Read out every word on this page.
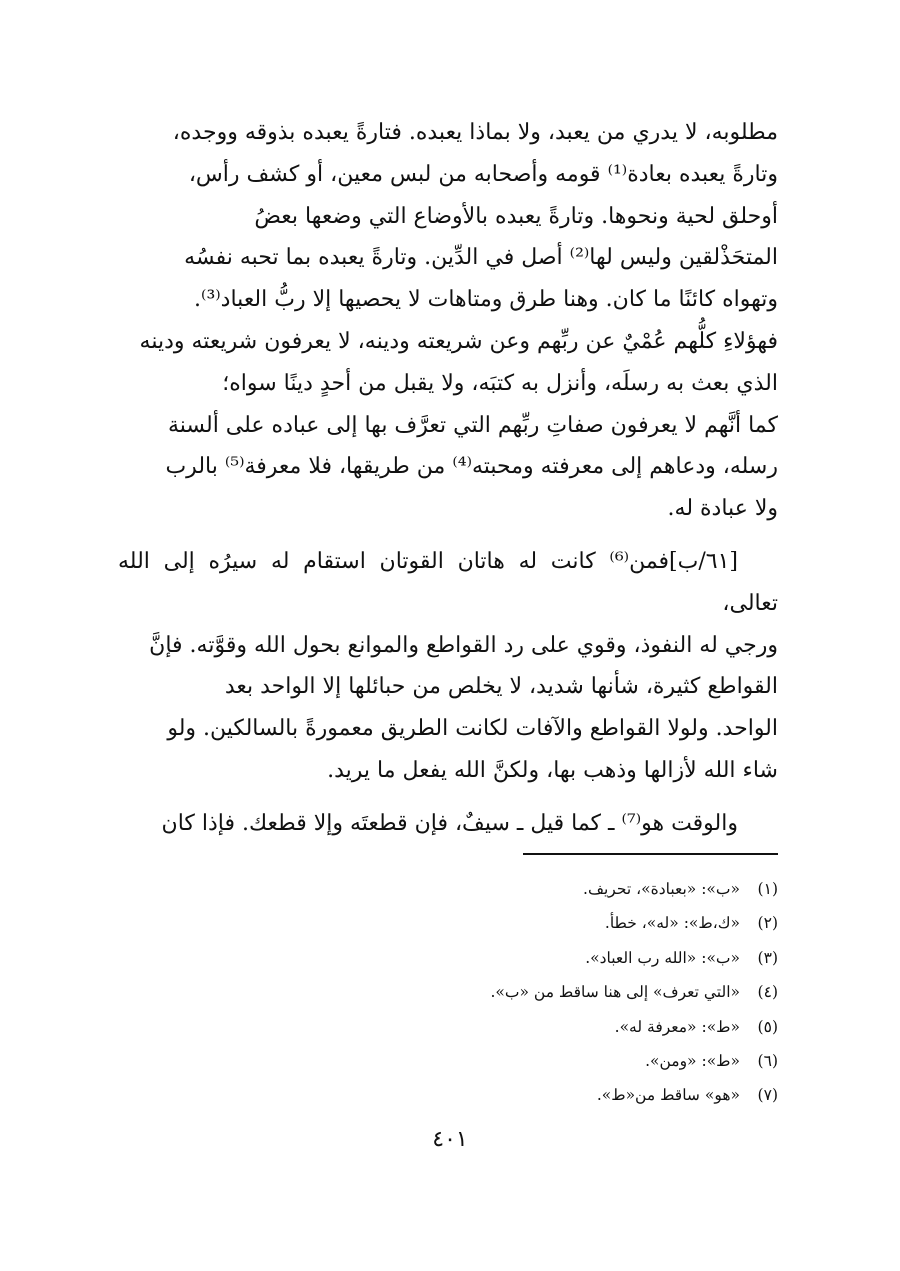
مطلوبه، لا يدري من يعبد، ولا بماذا يعبده. فتارةً يعبده بذوقه ووجده،
وتارةً يعبده بعادة⁽¹⁾ قومه وأصحابه من لبس معين، أو كشف رأس،
أوحلق لحية ونحوها. وتارةً يعبده بالأوضاع التي وضعها بعضُ
المتحَذْلقين وليس لها⁽²⁾ أصل في الدِّين. وتارةً يعبده بما تحبه نفسُه
وتهواه كائنًا ما كان. وهنا طرق ومتاهات لا يحصيها إلا ربُّ العباد⁽³⁾.
فهؤلاءِ كلُّهم عُمْيٌ عن ربِّهم وعن شريعته ودينه، لا يعرفون شريعته ودينه
الذي بعث به رسلَه، وأنزل به كتبَه، ولا يقبل من أحدٍ دينًا سواه؛
كما أنَّهم لا يعرفون صفاتِ ربِّهم التي تعرَّف بها إلى عباده على ألسنة
رسله، ودعاهم إلى معرفته ومحبته⁽⁴⁾ من طريقها، فلا معرفة⁽⁵⁾ بالرب
ولا عبادة له.

[٦١/ب]فمن⁽⁶⁾ كانت له هاتان القوتان استقام له سيرُه إلى الله تعالى،
ورجي له النفوذ، وقوي على رد القواطع والموانع بحول الله وقوَّته. فإنَّ
القواطع كثيرة، شأنها شديد، لا يخلص من حبائلها إلا الواحد بعد
الواحد. ولولا القواطع والآفات لكانت الطريق معمورةً بالسالكين. ولو
شاء الله لأزالها وذهب بها، ولكنَّ الله يفعل ما يريد.

والوقت هو⁽⁷⁾ ـ كما قيل ـ سيفٌ، فإن قطعتَه وإلا قطعك. فإذا كان

(١)«ب»: «بعبادة»، تحريف.
(٢)«ك،ط»: «له»، خطأ.
(٣)«ب»: «الله رب العباد».
(٤)«التي تعرف» إلى هنا ساقط من «ب».
(٥)«ط»: «معرفة له».
(٦)«ط»: «ومن».
(٧)«هو» ساقط من«ط».
٤٠١
